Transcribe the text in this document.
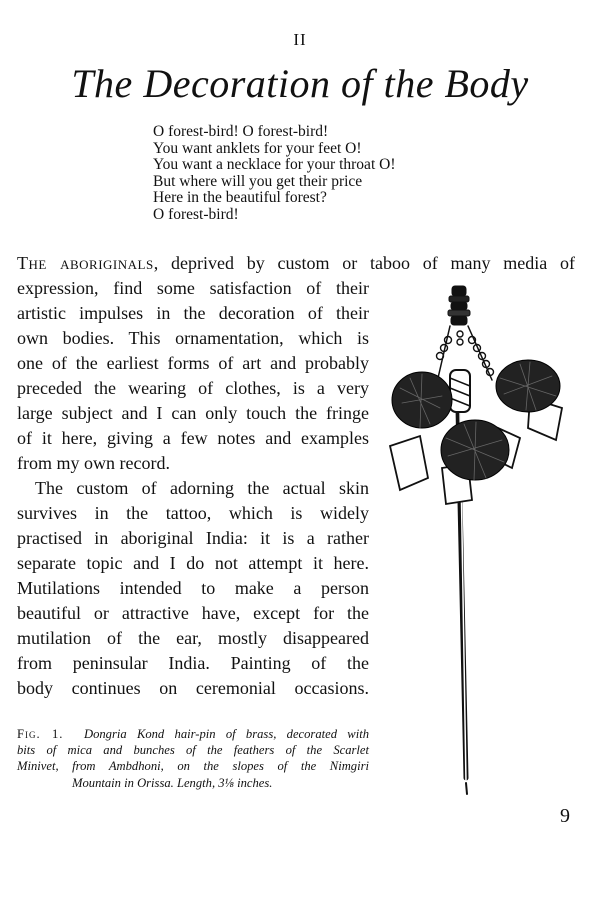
II
The Decoration of the Body
O forest-bird! O forest-bird!
You want anklets for your feet O!
You want a necklace for your throat O!
But where will you get their price
Here in the beautiful forest?
O forest-bird!
The aboriginals, deprived by custom or taboo of many media of
expression, find some satisfaction of their
artistic impulses in the decoration of their
own bodies. This ornamentation, which is
one of the earliest forms of art and probably
preceded the wearing of clothes, is a very
large subject and I can only touch the fringe
of it here, giving a few notes and examples
from my own record.
The custom of adorning the actual skin
survives in the tattoo, which is widely
practised in aboriginal India: it is a rather
separate topic and I do not attempt it here.
Mutilations intended to make a person
beautiful or attractive have, except for the
mutilation of the ear, mostly disappeared
from peninsular India. Painting of the
body continues on ceremonial occasions.
Fig. 1. Dongria Kond hair-pin of brass, decorated with
bits of mica and bunches of the feathers of the Scarlet
Minivet, from Ambdhoni, on the slopes of the Nimgiri
Mountain in Orissa. Length, 3⅛ inches.
9
